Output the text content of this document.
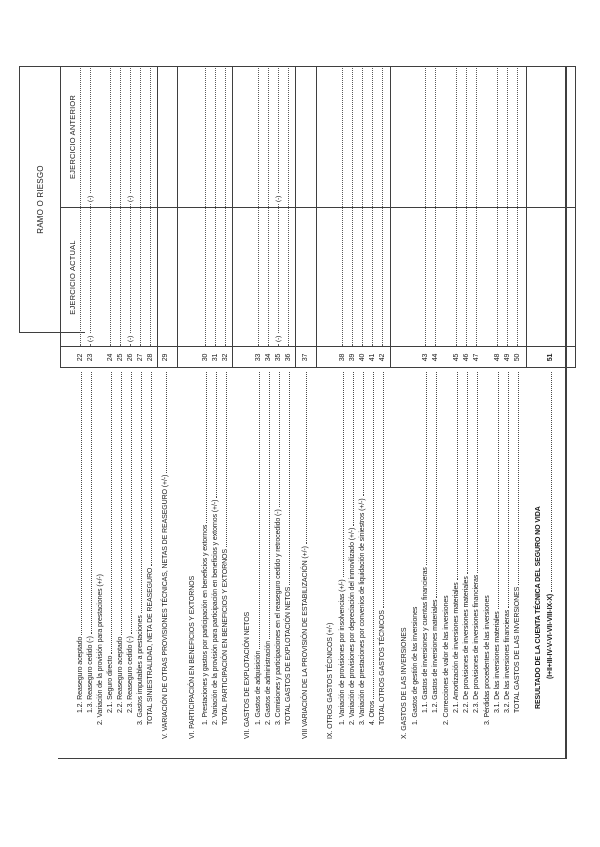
RAMO O RIESGO
EJERCICIO ACTUAL
EJERCICIO ANTERIOR
1.2. Reaseguro aceptado
22
1.3. Reaseguro cedido (-)
23
(-)
(-)
2. Variación de la provisión para prestaciones (+/-) 2.1. Seguro directo
24
2.2. Reaseguro aceptado
25
2.3. Reaseguro cedido (-)
26
(-)
(-)
3. Gastos imputables a prestaciones
27
TOTAL SINIESTRALIDAD, NETA DE REASEGURO
28
V. VARIACIÓN DE OTRAS PROVISIONES TÉCNICAS, NETAS DE REASEGURO (+/-)
29
VI. PARTICIPACIÓN EN BENEFICIOS Y EXTORNOS 1. Prestaciones y gastos por participación en beneficios y extornos
30
2. Variación de la provisión para participación en beneficios y extornos (+/-)
31
TOTAL PARTICIPACIÓN EN BENEFICIOS Y EXTORNOS
32
VII. GASTOS DE EXPLOTACIÓN NETOS 1. Gastos de adquisición
33
2. Gastos de administración
34
3. Comisiones y participaciones en el reaseguro cedido y retrocedido (-)
35
(-)
(-)
TOTAL GASTOS DE EXPLOTACIÓN NETOS
36
VIII VARIACIÓN DE LA PROVISIÓN DE ESTABILIZACIÓN (+/-)
37
IX. OTROS GASTOS TÉCNICOS (+/-) 1. Variación de provisiones por insolvencias (+/-)
38
2. Variación de provisiones por depreciación del inmovilizado (+/-)
39
3. Variación de prestaciones por convenios de liquidación de siniestros (+/-)
40
4. Otros
41
TOTAL OTROS GASTOS TÉCNICOS
42
X. GASTOS DE LAS INVERSIONES 1. Gastos de gestión de las inversiones 1.1. Gastos de inversiones y cuentas financieras
43
1.2. Gastos de inversiones materiales
44
2. Correcciones de valor de las inversiones 2.1. Amortización de inversiones materiales
45
2.2. De provisiones de inversiones materiales
46
2.3. De provisiones de inversiones financieras
47
3. Pérdidas procedentes de las inversiones 3.1. De las inversiones materiales
48
3.2. De las inversiones financieras
49
TOTAL GASTOS DE LAS INVERSIONES
50
RESULTADO DE LA CUENTA TÉCNICA DEL SEGURO NO VIDA (I+II+III-IV-V-VI-VII-VIII-IX-X)
51
